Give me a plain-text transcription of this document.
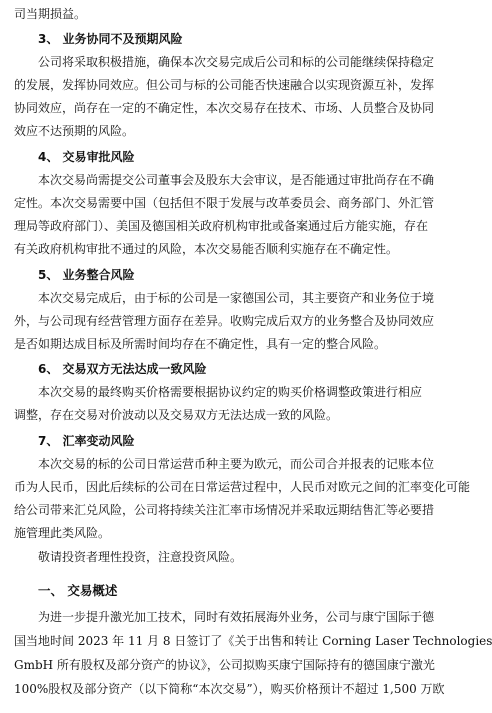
司当期损益。
3、 业务协同不及预期风险
公司将采取积极措施，确保本次交易完成后公司和标的公司能继续保持稳定
的发展，发挥协同效应。但公司与标的公司能否快速融合以实现资源互补，发挥
协同效应，尚存在一定的不确定性，本次交易存在技术、市场、人员整合及协同
效应不达预期的风险。
4、 交易审批风险
本次交易尚需提交公司董事会及股东大会审议，是否能通过审批尚存在不确
定性。本次交易需要中国（包括但不限于发展与改革委员会、商务部门、外汇管
理局等政府部门）、美国及德国相关政府机构审批或备案通过后方能实施，存在
有关政府机构审批不通过的风险，本次交易能否顺利实施存在不确定性。
5、 业务整合风险
本次交易完成后，由于标的公司是一家德国公司，其主要资产和业务位于境
外，与公司现有经营管理方面存在差异。收购完成后双方的业务整合及协同效应
是否如期达成目标及所需时间均存在不确定性，具有一定的整合风险。
6、 交易双方无法达成一致风险
本次交易的最终购买价格需要根据协议约定的购买价格调整政策进行相应
调整，存在交易对价波动以及交易双方无法达成一致的风险。
7、 汇率变动风险
本次交易的标的公司日常运营币种主要为欧元，而公司合并报表的记账本位
币为人民币，因此后续标的公司在日常运营过程中，人民币对欧元之间的汇率变化可能
给公司带来汇兑风险，公司将持续关注汇率市场情况并采取远期结售汇等必要措
施管理此类风险。
敬请投资者理性投资，注意投资风险。
一、 交易概述
为进一步提升激光加工技术，同时有效拓展海外业务，公司与康宁国际于德
国当地时间 2023 年 11 月 8 日签订了《关于出售和转让 Corning Laser Technologies
GmbH 所有股权及部分资产的协议》，公司拟购买康宁国际持有的德国康宁激光
100%股权及部分资产（以下简称“本次交易”），购买价格预计不超过 1,500 万欧
